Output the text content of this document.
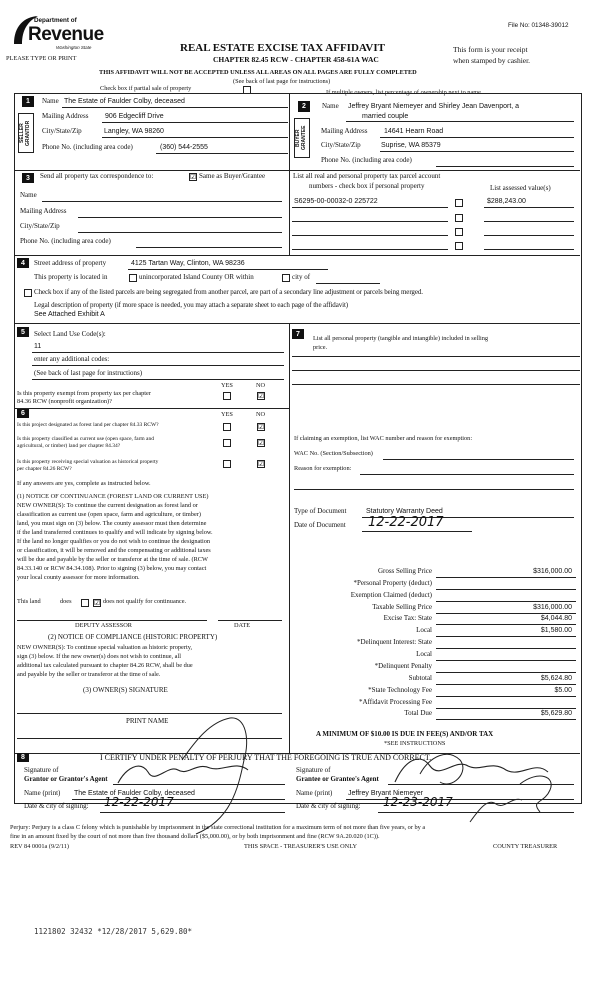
File No: 01348-39012
Department of
Revenue
Washington State
PLEASE TYPE OR PRINT
REAL ESTATE EXCISE TAX AFFIDAVIT
CHAPTER 82.45 RCW - CHAPTER 458-61A WAC
This form is your receipt
when stamped by cashier.
THIS AFFIDAVIT WILL NOT BE ACCEPTED UNLESS ALL AREAS ON ALL PAGES ARE FULLY COMPLETED
(See back of last page for instructions)
Check box if partial sale of property
If multiple owners, list percentage of ownership next to name.
1
SELLER GRANTOR
Name The Estate of Faulder Colby, deceased
Mailing Address 906 Edgecliff Drive
City/State/Zip	Langley, WA 98260
Phone No. (including area code)	(360) 544-2555
2
BUYER GRANTEE
Name Jeffrey Bryant Niemeyer and Shirley Jean Davenport, a
married couple
Mailing Address 14641 Hearn Road
City/State/Zip	Suprise, WA 85379
Phone No. (including area code)
3	Send all property tax correspondence to:	☑ Same as Buyer/Grantee
Name
Mailing Address
City/State/Zip
Phone No. (including area code)
List all real and personal property tax parcel account
numbers - check box if personal property	List assessed value(s)
S6295-00-00032-0 225722	$288,243.00
4	Street address of property	4125 Tartan Way, Clinton, WA 98236
This property is located in	unincorporated Island County OR within	city of
Check box if any of the listed parcels are being segregated from another parcel, are part of a secondary line adjustment or parcels being merged.
Legal description of property (if more space is needed, you may attach a separate sheet to each page of the affidavit)
See Attached Exhibit A
5	Select Land Use Code(s):
11
enter any additional codes:
(See back of last page for instructions)
YES	NO
Is this property exempt from property tax per chapter
84.36 RCW (nonprofit organization)?
☑
6	YES	NO
Is this project designated as forest land per chapter 84.33 RCW?	☑
Is this property classified as current use (open space, farm and
agricultural, or timber) land per chapter 84.34?	☑
Is this property receiving special valuation as historical property
per chapter 84.26 RCW?
☑
If any answers are yes, complete as instructed below.
(1) NOTICE OF CONTINUANCE (FOREST LAND OR CURRENT USE)
NEW OWNER(S): To continue the current designation as forest land or
classification as current use (open space, farm and agriculture, or timber)
land, you must sign on (3) below. The county assessor must then determine
if the land transferred continues to qualify and will indicate by signing below.
If the land no longer qualifies or you do not wish to continue the designation
or classification, it will be removed and the compensating or additional taxes
will be due and payable by the seller or transferor at the time of sale. (RCW
84.33.140 or RCW 84.34.108). Prior to signing (3) below, you may contact
your local county assessor for more information.
This land	does	☑ does not qualify for continuance.
DEPUTY ASSESSOR	DATE
(2) NOTICE OF COMPLIANCE (HISTORIC PROPERTY)
NEW OWNER(S): To continue special valuation as historic property,
sign (3) below. If the new owner(s) does not wish to continue, all
additional tax calculated pursuant to chapter 84.26 RCW, shall be due
and payable by the seller or transferor at the time of sale.
(3) OWNER(S) SIGNATURE
PRINT NAME
7
List all personal property (tangible and intangible) included in selling
price.
If claiming an exemption, list WAC number and reason for exemption:
WAC No. (Section/Subsection)
Reason for exemption:
Type of Document	Statutory Warranty Deed
Date of Document 12-22-2017
Gross Selling Price	$316,000.00
*Personal Property (deduct)
Exemption Claimed (deduct)
Taxable Selling Price	$316,000.00
Excise Tax: State	$4,044.80
Local	$1,580.00
*Delinquent Interest: State
Local
*Delinquent Penalty
Subtotal	$5,624.80
*State Technology Fee	$5.00
*Affidavit Processing Fee
Total Due	$5,629.80
A MINIMUM OF $10.00 IS DUE IN FEE(S) AND/OR TAX
*SEE INSTRUCTIONS
8	I CERTIFY UNDER PENALTY OF PERJURY THAT THE FOREGOING IS TRUE AND CORRECT.
Signature of
Grantor or Grantor's Agent
Name (print) The Estate of Faulder Colby, deceased
Date & city of signing: 12-22-2017
Signature of
Grantee or Grantee's Agent
Name (print) Jeffrey Bryant Niemeyer
Date & city of signing: 12-23-2017
Perjury: Perjury is a class C felony which is punishable by imprisonment in the state correctional institution for a maximum term of not more than five years, or by a
fine in an amount fixed by the court of not more than five thousand dollars ($5,000.00), or by both imprisonment and fine (RCW 9A.20.020 (1C)).
REV 84 0001a (9/2/11)	THIS SPACE - TREASURER'S USE ONLY	COUNTY TREASURER
1121802 32432 *12/28/2017 5,629.80*
